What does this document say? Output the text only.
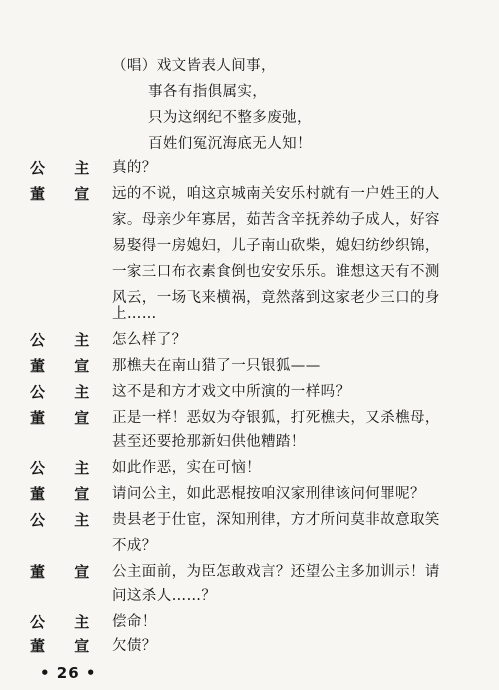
（唱）戏文皆表人间事，
事各有指俱属实，
只为这纲纪不整多废弛，
百姓们冤沉海底无人知！
公 主 真的？
董 宣 远的不说，咱这京城南关安乐村就有一户姓王的人
家。母亲少年寡居，茹苦含辛抚养幼子成人，好容
易娶得一房媳妇，儿子南山砍柴，媳妇纺纱织锦，
一家三口布衣素食倒也安安乐乐。谁想这天有不测
风云，一场飞来横祸，竟然落到这家老少三口的身
上……
公 主 怎么样了？
董 宣 那樵夫在南山猎了一只银狐——
公 主 这不是和方才戏文中所演的一样吗？
董 宣 正是一样！恶奴为夺银狐，打死樵夫，又杀樵母，
甚至还要抢那新妇供他糟踏！
公 主 如此作恶，实在可恼！
董 宣 请问公主，如此恶棍按咱汉家刑律该问何罪呢？
公 主 贵县老于仕宦，深知刑律，方才所问莫非故意取笑
不成？
董 宣 公主面前，为臣怎敢戏言？还望公主多加训示！请
问这杀人……？
公 主 偿命！
董 宣 欠债？
• 26 •
